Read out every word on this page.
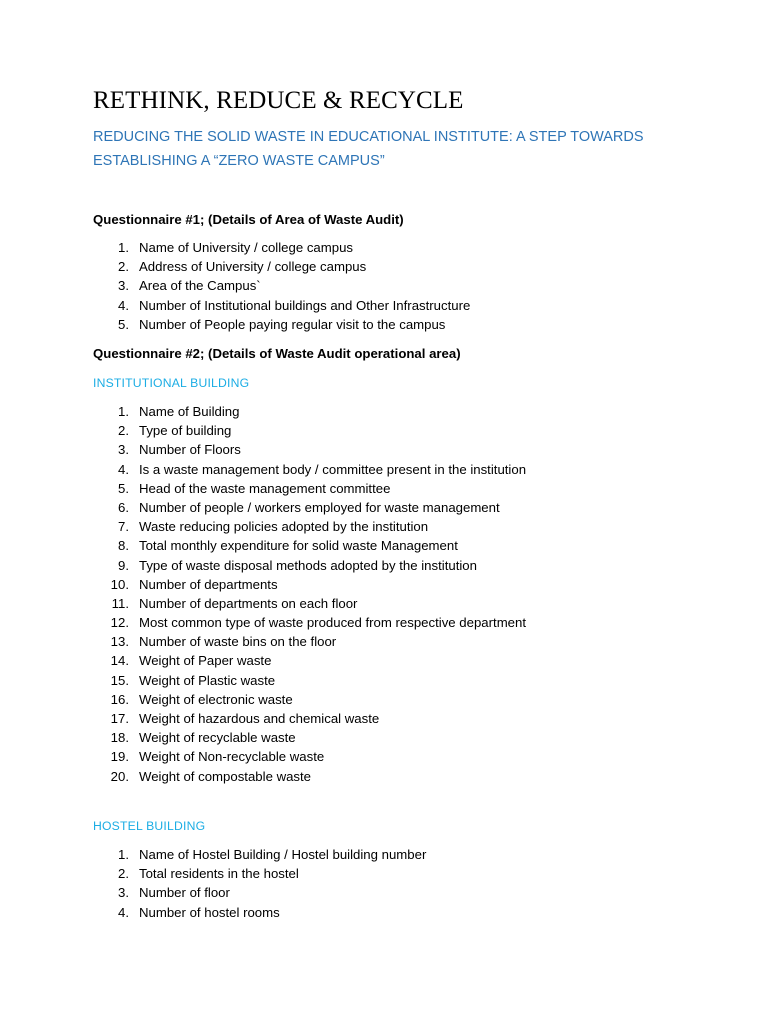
RETHINK, REDUCE & RECYCLE
REDUCING THE SOLID WASTE IN EDUCATIONAL INSTITUTE: A STEP TOWARDS ESTABLISHING A “ZERO WASTE CAMPUS”

Questionnaire #1; (Details of Area of Waste Audit)

1. Name of University / college campus
2. Address of University / college campus
3. Area of the Campus`
4. Number of Institutional buildings and Other Infrastructure
5. Number of People paying regular visit to the campus

Questionnaire #2; (Details of Waste Audit operational area)

INSTITUTIONAL BUILDING

1. Name of Building
2. Type of building
3. Number of Floors
4. Is a waste management body / committee present in the institution
5. Head of the waste management committee
6. Number of people / workers employed for waste management
7. Waste reducing policies adopted by the institution
8. Total monthly expenditure for solid waste Management
9. Type of waste disposal methods adopted by the institution
10. Number of departments
11. Number of departments on each floor
12. Most common type of waste produced from respective department
13. Number of waste bins on the floor
14. Weight of Paper waste
15. Weight of Plastic waste
16. Weight of electronic waste
17. Weight of hazardous and chemical waste
18. Weight of recyclable waste
19. Weight of Non-recyclable waste
20. Weight of compostable waste

HOSTEL BUILDING

1. Name of Hostel Building / Hostel building number
2. Total residents in the hostel
3. Number of floor
4. Number of hostel rooms
